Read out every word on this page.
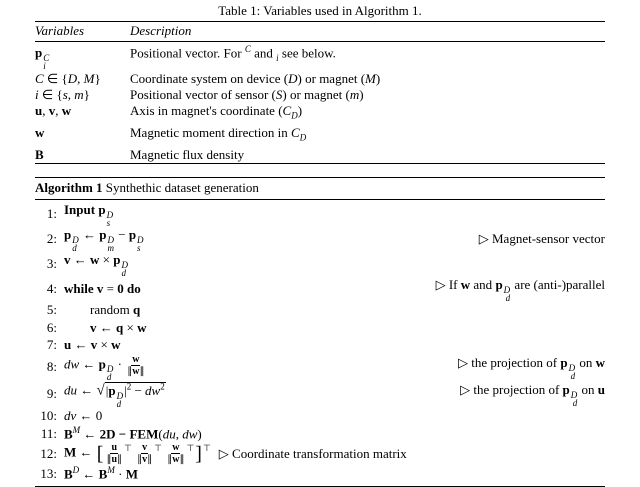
Table 1: Variables used in Algorithm 1.
Variables	Description
p C
i	Positional vector. For $^C$ and $_i$ see below.
C ∈ {D, M}	Coordinate system on device (D) or magnet (M)
i ∈ {s, m}	Positional vector of sensor (S) or magnet (m)
u, v, w	Axis in magnet's coordinate $(C_D)$
w	Magnetic moment direction in $C_D$
B	Magnetic flux density
Algorithm 1 Synthethic dataset generation
1: Input p D
s
2: p D
d
← p D
m
− p D
s
▷ Magnet-sensor vector
3: v ← w × p D
d
4: while v = 0 do	▷ If w and p D
d
are (anti-)parallel
5:	random q
6:	v ← q × w
7: u ← v × w
8: dw ← p D
d
· $\frac{w}{\parallel w\parallel}$	▷ the projection of p D
d
on w
9: du ← √|p D
d
$|^2 - dw^2$	▷ the projection of p D
d
on u
10: dv ← 0
11: $B^M$ ← 2D − FEM(du, dw)
12: M ← [ $\frac{u}{\parallel u\parallel} ^⊤ \frac{v}{\parallel v\parallel} ^⊤ \frac{w}{\parallel w\parallel} ^⊤]^⊤$ ▷ Coordinate transformation matrix
13: $B^D$ ← $B^M \cdot M$
